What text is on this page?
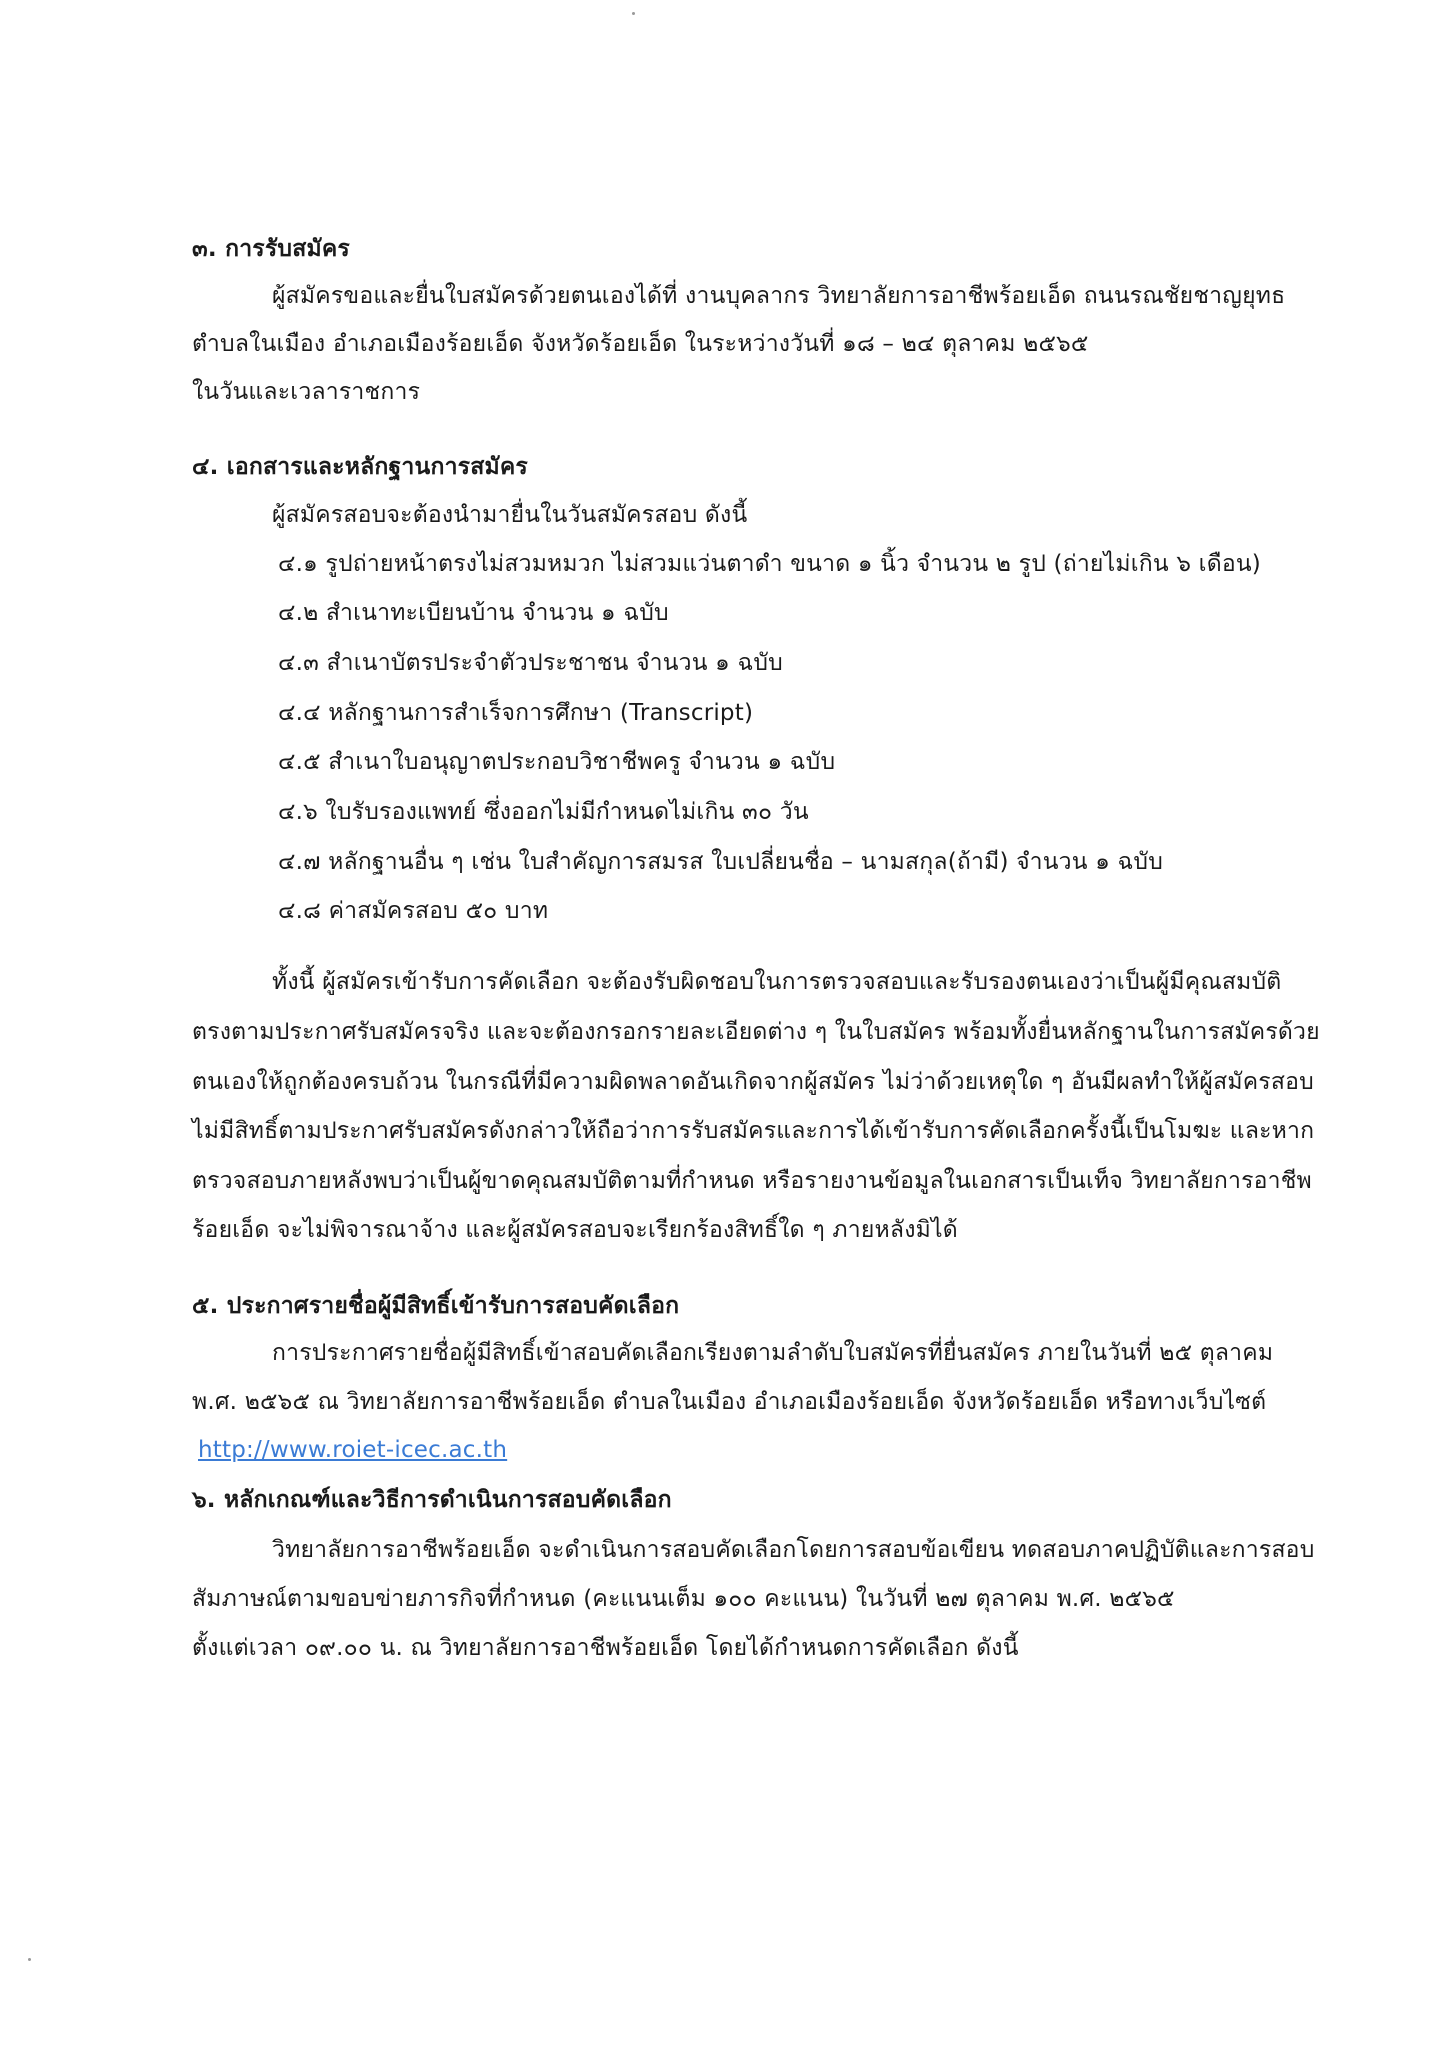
๓. การรับสมัคร
ผู้สมัครขอและยื่นใบสมัครด้วยตนเองได้ที่ งานบุคลากร วิทยาลัยการอาชีพร้อยเอ็ด ถนนรณชัยชาญยุทธ
ตำบลในเมือง อำเภอเมืองร้อยเอ็ด จังหวัดร้อยเอ็ด ในระหว่างวันที่ ๑๘ – ๒๔ ตุลาคม ๒๕๖๕
ในวันและเวลาราชการ
๔. เอกสารและหลักฐานการสมัคร
ผู้สมัครสอบจะต้องนำมายื่นในวันสมัครสอบ ดังนี้
๔.๑ รูปถ่ายหน้าตรงไม่สวมหมวก ไม่สวมแว่นตาดำ ขนาด ๑ นิ้ว จำนวน ๒ รูป (ถ่ายไม่เกิน ๖ เดือน)
๔.๒ สำเนาทะเบียนบ้าน จำนวน ๑ ฉบับ
๔.๓ สำเนาบัตรประจำตัวประชาชน จำนวน ๑ ฉบับ
๔.๔ หลักฐานการสำเร็จการศึกษา (Transcript)
๔.๕ สำเนาใบอนุญาตประกอบวิชาชีพครู จำนวน ๑ ฉบับ
๔.๖ ใบรับรองแพทย์ ซึ่งออกไม่มีกำหนดไม่เกิน ๓๐ วัน
๔.๗ หลักฐานอื่น ๆ เช่น ใบสำคัญการสมรส ใบเปลี่ยนชื่อ – นามสกุล(ถ้ามี) จำนวน ๑ ฉบับ
๔.๘ ค่าสมัครสอบ ๕๐ บาท
ทั้งนี้ ผู้สมัครเข้ารับการคัดเลือก จะต้องรับผิดชอบในการตรวจสอบและรับรองตนเองว่าเป็นผู้มีคุณสมบัติ
ตรงตามประกาศรับสมัครจริง และจะต้องกรอกรายละเอียดต่าง ๆ ในใบสมัคร พร้อมทั้งยื่นหลักฐานในการสมัครด้วย
ตนเองให้ถูกต้องครบถ้วน ในกรณีที่มีความผิดพลาดอันเกิดจากผู้สมัคร ไม่ว่าด้วยเหตุใด ๆ อันมีผลทำให้ผู้สมัครสอบ
ไม่มีสิทธิ์ตามประกาศรับสมัครดังกล่าวให้ถือว่าการรับสมัครและการได้เข้ารับการคัดเลือกครั้งนี้เป็นโมฆะ และหาก
ตรวจสอบภายหลังพบว่าเป็นผู้ขาดคุณสมบัติตามที่กำหนด หรือรายงานข้อมูลในเอกสารเป็นเท็จ วิทยาลัยการอาชีพ
ร้อยเอ็ด จะไม่พิจารณาจ้าง และผู้สมัครสอบจะเรียกร้องสิทธิ์ใด ๆ ภายหลังมิได้
๕. ประกาศรายชื่อผู้มีสิทธิ์เข้ารับการสอบคัดเลือก
การประกาศรายชื่อผู้มีสิทธิ์เข้าสอบคัดเลือกเรียงตามลำดับใบสมัครที่ยื่นสมัคร ภายในวันที่ ๒๕ ตุลาคม
พ.ศ. ๒๕๖๕ ณ วิทยาลัยการอาชีพร้อยเอ็ด ตำบลในเมือง อำเภอเมืองร้อยเอ็ด จังหวัดร้อยเอ็ด หรือทางเว็บไซต์
http://www.roiet-icec.ac.th
๖. หลักเกณฑ์และวิธีการดำเนินการสอบคัดเลือก
วิทยาลัยการอาชีพร้อยเอ็ด จะดำเนินการสอบคัดเลือกโดยการสอบข้อเขียน ทดสอบภาคปฏิบัติและการสอบ
สัมภาษณ์ตามขอบข่ายภารกิจที่กำหนด (คะแนนเต็ม ๑๐๐ คะแนน) ในวันที่ ๒๗ ตุลาคม พ.ศ. ๒๕๖๕
ตั้งแต่เวลา ๐๙.๐๐ น. ณ วิทยาลัยการอาชีพร้อยเอ็ด โดยได้กำหนดการคัดเลือก ดังนี้
